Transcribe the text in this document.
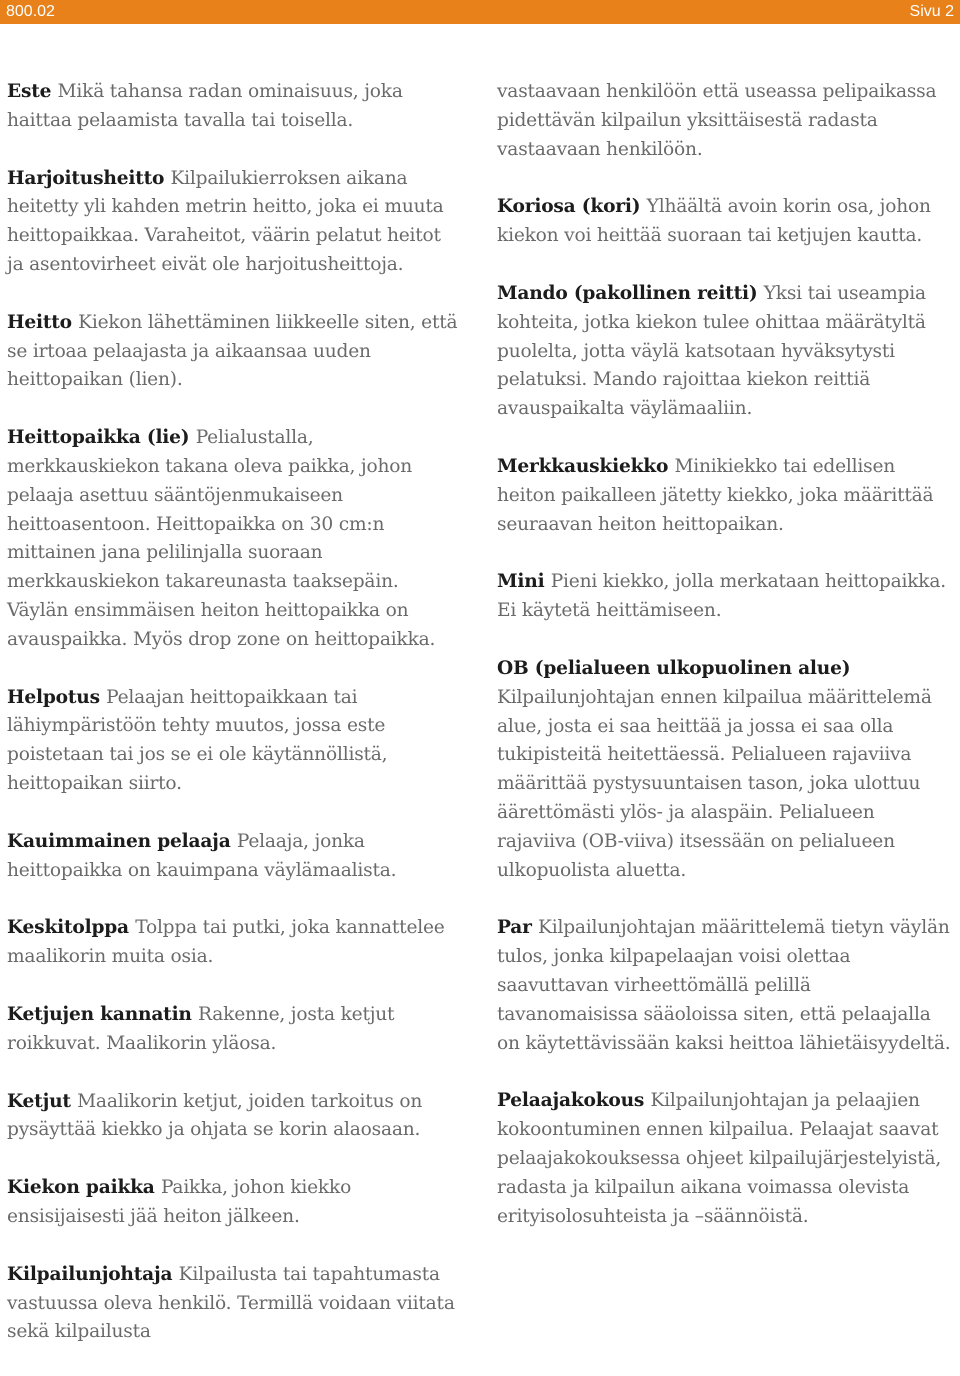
800.02	Sivu 2

Este Mikä tahansa radan ominaisuus, joka haittaa pelaamista tavalla tai toisella.

Harjoitusheitto Kilpailukierroksen aikana heitetty yli kahden metrin heitto, joka ei muuta heittopaikkaa. Varaheitot, väärin pelatut heitot ja asentovirheet eivät ole harjoitusheittoja.

Heitto Kiekon lähettäminen liikkeelle siten, että se irtoaa pelaajasta ja aikaansaa uuden heittopaikan (lien).

Heittopaikka (lie) Pelialustalla, merkkauskiekon takana oleva paikka, johon pelaaja asettuu sääntöjenmukaiseen heittoasentoon. Heittopaikka on 30 cm:n mittainen jana pelilinjalla suoraan merkkauskiekon takareunasta taaksepäin. Väylän ensimmäisen heiton heittopaikka on avauspaikka. Myös drop zone on heittopaikka.

Helpotus Pelaajan heittopaikkaan tai lähiympäristöön tehty muutos, jossa este poistetaan tai jos se ei ole käytännöllistä, heittopaikan siirto.

Kauimmainen pelaaja Pelaaja, jonka heittopaikka on kauimpana väylämaalista.

Keskitolppa Tolppa tai putki, joka kannattelee maalikorin muita osia.

Ketjujen kannatin Rakenne, josta ketjut roikkuvat. Maalikorin yläosa.

Ketjut Maalikorin ketjut, joiden tarkoitus on pysäyttää kiekko ja ohjata se korin alaosaan.

Kiekon paikka Paikka, johon kiekko ensisijaisesti jää heiton jälkeen.

Kilpailunjohtaja Kilpailusta tai tapahtumasta vastuussa oleva henkilö. Termillä voidaan viitata sekä kilpailusta

vastaavaan henkilöön että useassa pelipaikassa pidettävän kilpailun yksittäisestä radasta vastaavaan henkilöön.

Koriosa (kori) Ylhäältä avoin korin osa, johon kiekon voi heittää suoraan tai ketjujen kautta.

Mando (pakollinen reitti) Yksi tai useampia kohteita, jotka kiekon tulee ohittaa määrätyltä puolelta, jotta väylä katsotaan hyväksytysti pelatuksi. Mando rajoittaa kiekon reittiä avauspaikalta väylämaaliin.

Merkkauskiekko Minikiekko tai edellisen heiton paikalleen jätetty kiekko, joka määrittää seuraavan heiton heittopaikan.

Mini Pieni kiekko, jolla merkataan heittopaikka. Ei käytetä heittämiseen.

OB (pelialueen ulkopuolinen alue)Kilpailunjohtajan ennen kilpailua määrittelemä alue, josta ei saa heittää ja jossa ei saa olla tukipisteitä heitettäessä. Pelialueen rajaviiva määrittää pystysuuntaisen tason, joka ulottuu äärettömästi ylös- ja alaspäin. Pelialueen rajaviiva (OB-viiva) itsessään on pelialueen ulkopuolista aluetta.

Par Kilpailunjohtajan määrittelemä tietyn väylän tulos, jonka kilpapelaajan voisi olettaa saavuttavan virheettömällä pelillä tavanomaisissa sääoloissa siten, että pelaajalla on käytettävissään kaksi heittoa lähietäisyydeltä.

Pelaajakokous Kilpailunjohtajan ja pelaajien kokoontuminen ennen kilpailua. Pelaajat saavat pelaajakokouksessa ohjeet kilpailujärjestelyistä, radasta ja kilpailun aikana voimassa olevista erityisolosuhteista ja –säännöistä.
